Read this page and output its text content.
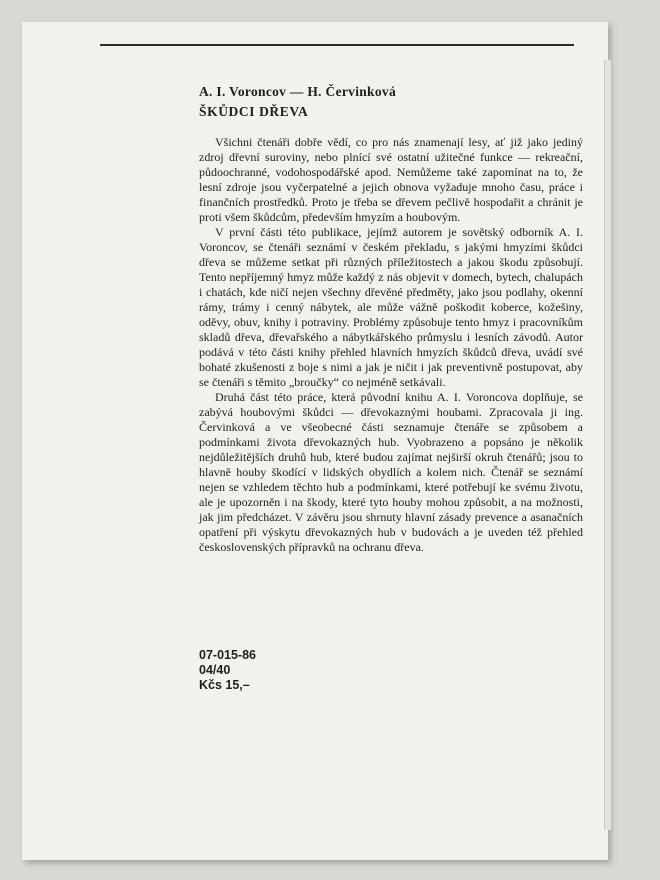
A. I. Voroncov — H. Červinková
ŠKŮDCI DŘEVA

Všichni čtenáři dobře vědí, co pro nás znamenají lesy, ať již jako jediný zdroj dřevní suroviny, nebo plnící své ostatní užitečné funkce — rekreační, půdoochranné, vodohospodářské apod. Nemůžeme také zapomínat na to, že lesní zdroje jsou vyčerpatelné a jejich obnova vyžaduje mnoho času, práce i finančních prostředků. Proto je třeba se dřevem pečlivě hospodařit a chránit je proti všem škůdcům, především hmyzím a houbovým.

V první části této publikace, jejímž autorem je sovětský odborník A. I. Voroncov, se čtenáři seznámí v českém překladu, s jakými hmyzími škůdci dřeva se můžeme setkat při různých příležitostech a jakou škodu způsobují. Tento nepříjemný hmyz může každý z nás objevit v domech, bytech, chalupách i chatách, kde ničí nejen všechny dřevěné předměty, jako jsou podlahy, okenní rámy, trámy i cenný nábytek, ale může vážně poškodit koberce, kožešiny, oděvy, obuv, knihy i potraviny. Problémy způsobuje tento hmyz i pracovníkům skladů dřeva, dřevařského a nábytkářského průmyslu i lesních závodů. Autor podává v této části knihy přehled hlavních hmyzích škůdců dřeva, uvádí své bohaté zkušenosti z boje s nimi a jak je ničit i jak preventivně postupovat, aby se čtenáři s těmito „broučky“ co nejméně setkávali.

Druhá část této práce, která původní knihu A. I. Voroncova doplňuje, se zabývá houbovými škůdci — dřevokaznými houbami. Zpracovala ji ing. Červinková a ve všeobecné části seznamuje čtenáře se způsobem a podmínkami života dřevokazných hub. Vyobrazeno a popsáno je několik nejdůležitějších druhů hub, které budou zajímat nejširší okruh čtenářů; jsou to hlavně houby škodící v lidských obydlích a kolem nich. Čtenář se seznámí nejen se vzhledem těchto hub a podmínkami, které potřebují ke svému životu, ale je upozorněn i na škody, které tyto houby mohou způsobit, a na možnosti, jak jim předcházet. V závěru jsou shrnuty hlavní zásady prevence a asanačních opatření při výskytu dřevokazných hub v budovách a je uveden též přehled československých přípravků na ochranu dřeva.

07-015-86
04/40
Kčs 15,–
